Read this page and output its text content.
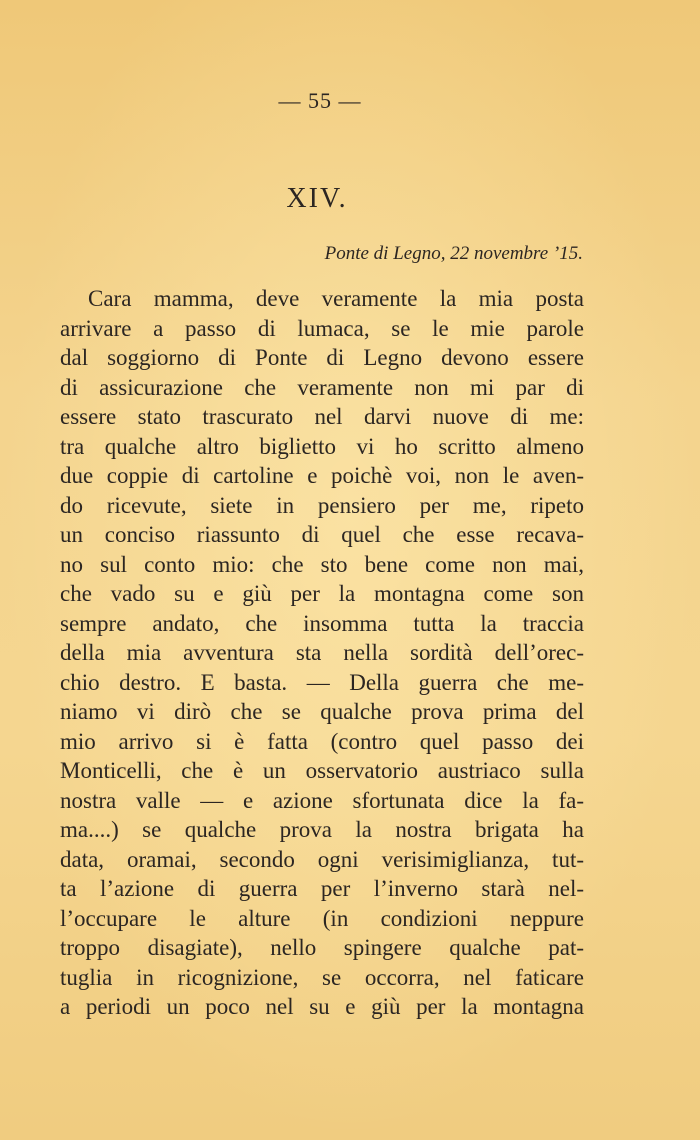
— 55 —
XIV.
Ponte di Legno, 22 novembre ’15.
Cara mamma, deve veramente la mia posta
arrivare a passo di lumaca, se le mie parole
dal soggiorno di Ponte di Legno devono essere
di assicurazione che veramente non mi par di
essere stato trascurato nel darvi nuove di me:
tra qualche altro biglietto vi ho scritto almeno
due coppie di cartoline e poichè voi, non le aven-
do ricevute, siete in pensiero per me, ripeto
un conciso riassunto di quel che esse recava-
no sul conto mio: che sto bene come non mai,
che vado su e giù per la montagna come son
sempre andato, che insomma tutta la traccia
della mia avventura sta nella sordità dell’orec-
chio destro. E basta. — Della guerra che me-
niamo vi dirò che se qualche prova prima del
mio arrivo si è fatta (contro quel passo dei
Monticelli, che è un osservatorio austriaco sulla
nostra valle — e azione sfortunata dice la fa-
ma....) se qualche prova la nostra brigata ha
data, oramai, secondo ogni verisimiglianza, tut-
ta l’azione di guerra per l’inverno starà nel-
l’occupare le alture (in condizioni neppure
troppo disagiate), nello spingere qualche pat-
tuglia in ricognizione, se occorra, nel faticare
a periodi un poco nel su e giù per la montagna
